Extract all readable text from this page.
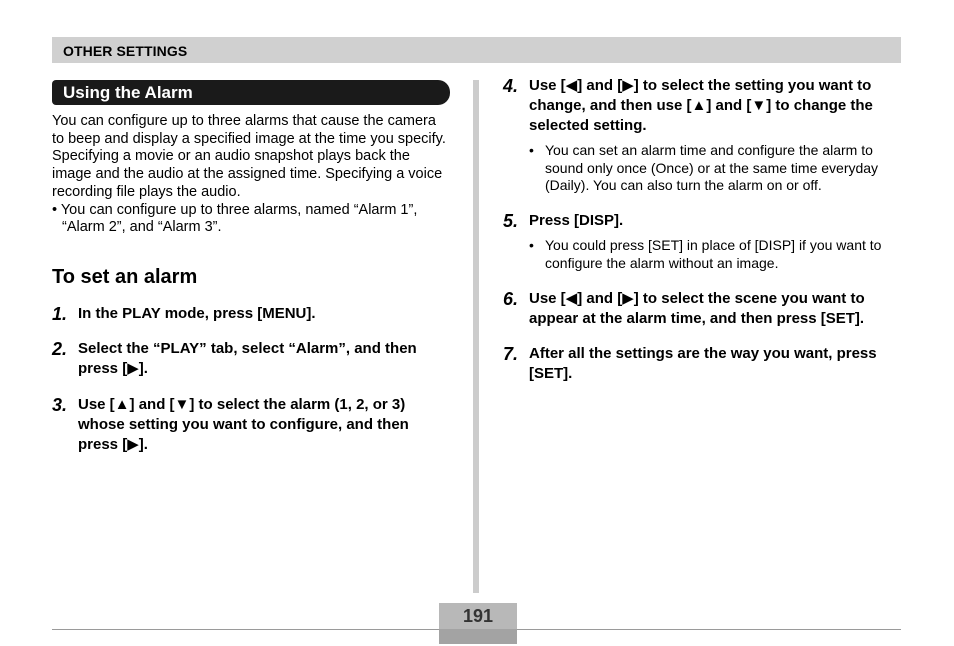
OTHER SETTINGS
Using the Alarm
You can configure up to three alarms that cause the camera to beep and display a specified image at the time you specify. Specifying a movie or an audio snapshot plays back the image and the audio at the assigned time. Specifying a voice recording file plays the audio.
• You can configure up to three alarms, named “Alarm 1”, “Alarm 2”, and “Alarm 3”.
To set an alarm
1. In the PLAY mode, press [MENU].
2. Select the “PLAY” tab, select “Alarm”, and then press [▶].
3. Use [▲] and [▼] to select the alarm (1, 2, or 3) whose setting you want to configure, and then press [▶].
4. Use [◀] and [▶] to select the setting you want to change, and then use [▲] and [▼] to change the selected setting.
• You can set an alarm time and configure the alarm to sound only once (Once) or at the same time everyday (Daily). You can also turn the alarm on or off.
5. Press [DISP].
• You could press [SET] in place of [DISP] if you want to configure the alarm without an image.
6. Use [◀] and [▶] to select the scene you want to appear at the alarm time, and then press [SET].
7. After all the settings are the way you want, press [SET].
191
